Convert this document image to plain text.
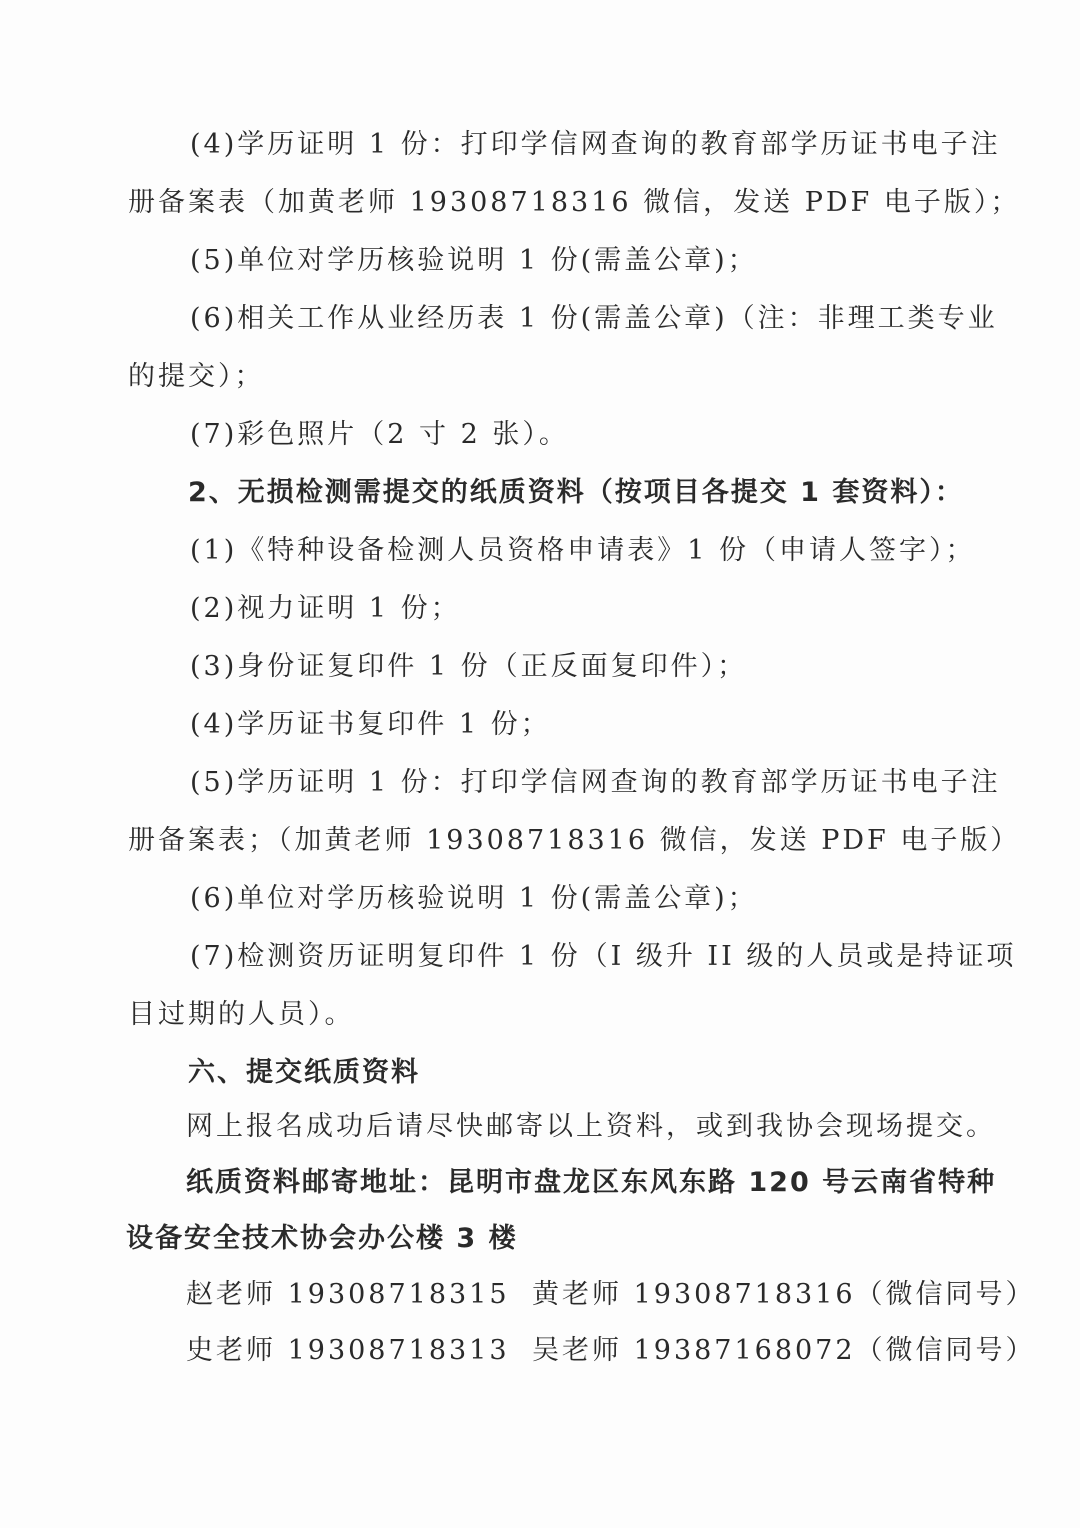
(4)学历证明 1 份：打印学信网查询的教育部学历证书电子注
册备案表（加黄老师 19308718316 微信，发送 PDF 电子版）；
(5)单位对学历核验说明 1 份(需盖公章)；
(6)相关工作从业经历表 1 份(需盖公章)（注：非理工类专业
的提交）；
(7)彩色照片（2 寸 2 张）。
2、无损检测需提交的纸质资料（按项目各提交 1 套资料）：
(1)《特种设备检测人员资格申请表》1 份（申请人签字）；
(2)视力证明 1 份；
(3)身份证复印件 1 份（正反面复印件）；
(4)学历证书复印件 1 份；
(5)学历证明 1 份：打印学信网查询的教育部学历证书电子注
册备案表；（加黄老师 19308718316 微信，发送 PDF 电子版）
(6)单位对学历核验说明 1 份(需盖公章)；
(7)检测资历证明复印件 1 份（I 级升 II 级的人员或是持证项
目过期的人员）。
六、提交纸质资料
网上报名成功后请尽快邮寄以上资料，或到我协会现场提交。
纸质资料邮寄地址：昆明市盘龙区东风东路 120 号云南省特种
设备安全技术协会办公楼 3 楼
赵老师 19308718315 黄老师 19308718316（微信同号）
史老师 19308718313 吴老师 19387168072（微信同号）
